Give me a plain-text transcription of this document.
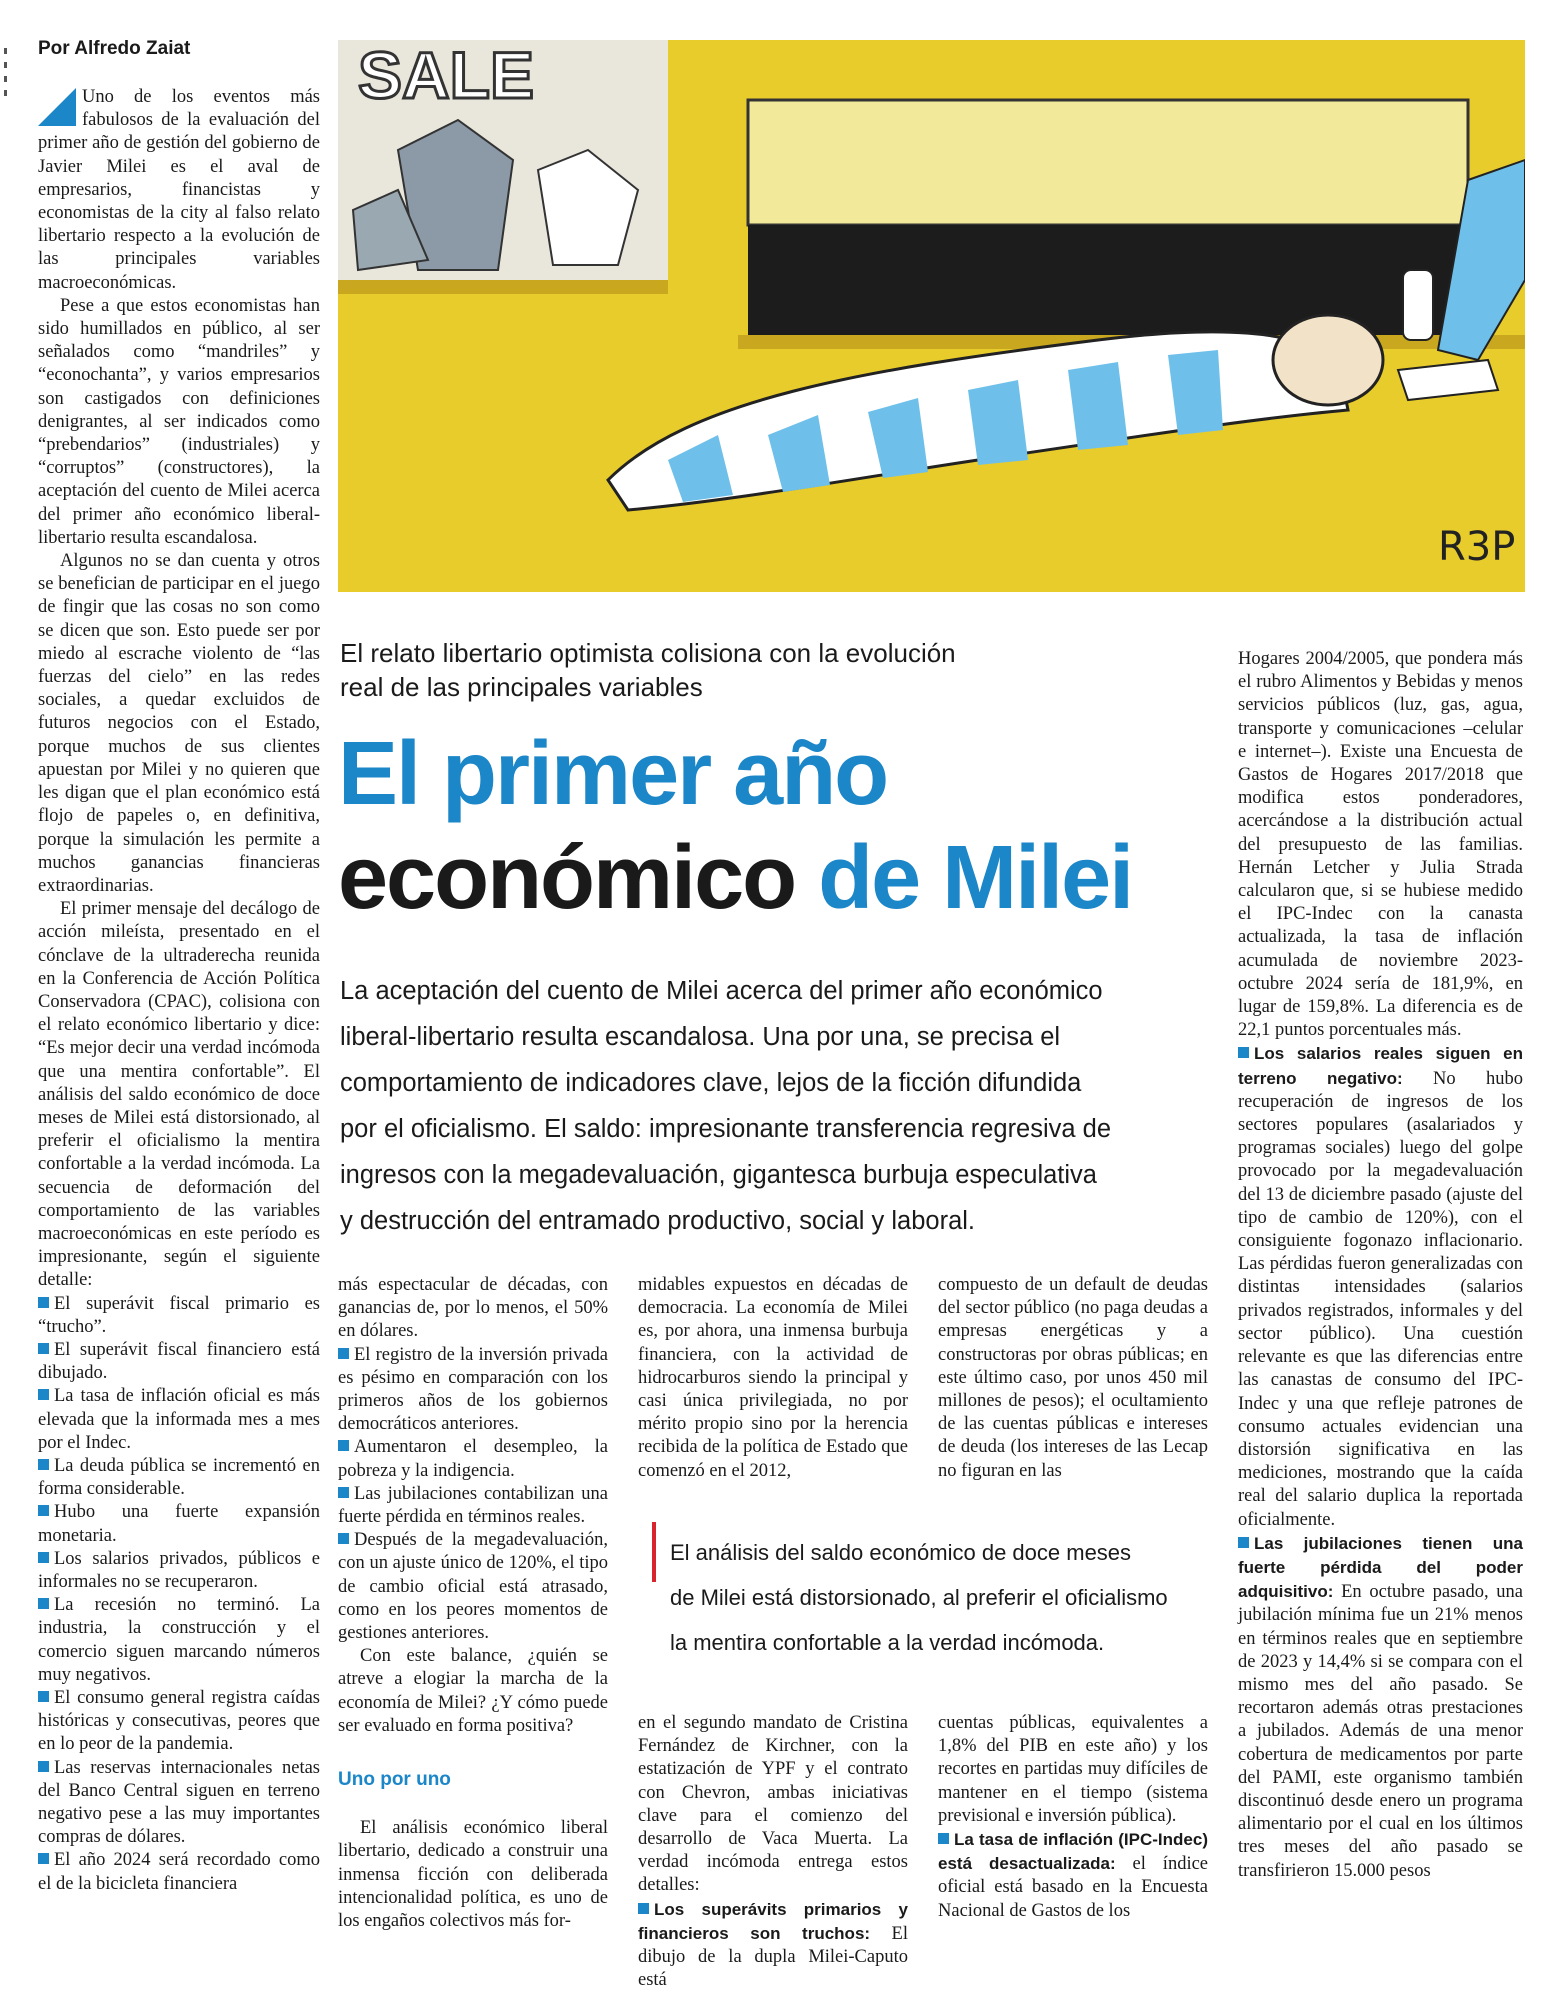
Por Alfredo Zaiat	SALE
R3P

Uno de los eventos más fabulosos de la evaluación del primer año de gestión del gobierno de Javier Milei es el aval de empresarios, financistas y economistas de la city al falso relato libertario respecto a la evolución de las principales variables macroeconómicas.

Pese a que estos economistas han sido humillados en público, al ser señalados como “mandriles” y “econochanta”, y varios empresarios son castigados con definiciones denigrantes, al ser indicados como “prebendarios” (industriales) y “corruptos” (constructores), la aceptación del cuento de Milei acerca del primer año económico liberal-libertario resulta escandalosa.

Algunos no se dan cuenta y otros se benefician de participar en el juego de fingir que las cosas no son como se dicen que son. Esto puede ser por miedo al escrache violento de “las fuerzas del cielo” en las redes sociales, a quedar excluidos de futuros negocios con el Estado, porque muchos de sus clientes apuestan por Milei y no quieren que les digan que el plan económico está flojo de papeles o, en definitiva, porque la simulación les permite a muchos ganancias financieras extraordinarias.

El primer mensaje del decálogo de acción mileísta, presentado en el cónclave de la ultraderecha reunida en la Conferencia de Acción Política Conservadora (CPAC), colisiona con el relato económico libertario y dice: “Es mejor decir una verdad incómoda que una mentira confortable”. El análisis del saldo económico de doce meses de Milei está distorsionado, al preferir el oficialismo la mentira confortable a la verdad incómoda. La secuencia de deformación del comportamiento de las variables macroeconómicas en este período es impresionante, según el siguiente detalle:

El superávit fiscal primario es “trucho”.

El superávit fiscal financiero está dibujado.

La tasa de inflación oficial es más elevada que la informada mes a mes por el Indec.

La deuda pública se incrementó en forma considerable.

Hubo una fuerte expansión monetaria.

Los salarios privados, públicos e informales no se recuperaron.

La recesión no terminó. La industria, la construcción y el comercio siguen marcando números muy negativos.

El consumo general registra caídas históricas y consecutivas, peores que en lo peor de la pandemia.

Las reservas internacionales netas del Banco Central siguen en terreno negativo pese a las muy importantes compras de dólares.

El año 2024 será recordado como el de la bicicleta financiera

El relato libertario optimista colisiona con la evolución
real de las principales variables
El primer año
económico de Milei
La aceptación del cuento de Milei acerca del primer año económico
liberal-libertario resulta escandalosa. Una por una, se precisa el
comportamiento de indicadores clave, lejos de la ficción difundida
por el oficialismo. El saldo: impresionante transferencia regresiva de
ingresos con la megadevaluación, gigantesca burbuja especulativa
y destrucción del entramado productivo, social y laboral.

más espectacular de décadas, con ganancias de, por lo menos, el 50% en dólares.

El registro de la inversión privada es pésimo en comparación con los primeros años de los gobiernos democráticos anteriores.

Aumentaron el desempleo, la pobreza y la indigencia.

Las jubilaciones contabilizan una fuerte pérdida en términos reales.

Después de la megadevaluación, con un ajuste único de 120%, el tipo de cambio oficial está atrasado, como en los peores momentos de gestiones anteriores.

Con este balance, ¿quién se atreve a elogiar la marcha de la economía de Milei? ¿Y cómo puede ser evaluado en forma positiva?

Uno por uno

El análisis económico liberal libertario, dedicado a construir una inmensa ficción con deliberada intencionalidad política, es uno de los engaños colectivos más for-

midables expuestos en décadas de democracia. La economía de Milei es, por ahora, una inmensa burbuja financiera, con la actividad de hidrocarburos siendo la principal y casi única privilegiada, no por mérito propio sino por la herencia recibida de la política de Estado que comenzó en el 2012,

en el segundo mandato de Cristina Fernández de Kirchner, con la estatización de YPF y el contrato con Chevron, ambas iniciativas clave para el comienzo del desarrollo de Vaca Muerta. La verdad incómoda entrega estos detalles:

Los superávits primarios y financieros son truchos: El dibujo de la dupla Milei-Caputo está

compuesto de un default de deudas del sector público (no paga deudas a empresas energéticas y a constructoras por obras públicas; en este último caso, por unos 450 mil millones de pesos); el ocultamiento de las cuentas públicas e intereses de deuda (los intereses de las Lecap no figuran en las

cuentas públicas, equivalentes a 1,8% del PIB en este año) y los recortes en partidas muy difíciles de mantener en el tiempo (sistema previsional e inversión pública).

La tasa de inflación (IPC-Indec) está desactualizada: el índice oficial está basado en la Encuesta Nacional de Gastos de los

El análisis del saldo económico de doce meses
de Milei está distorsionado, al preferir el oficialismo
la mentira confortable a la verdad incómoda.

Hogares 2004/2005, que pondera más el rubro Alimentos y Bebidas y menos servicios públicos (luz, gas, agua, transporte y comunicaciones –celular e internet–). Existe una Encuesta de Gastos de Hogares 2017/2018 que modifica estos ponderadores, acercándose a la distribución actual del presupuesto de las familias. Hernán Letcher y Julia Strada calcularon que, si se hubiese medido el IPC-Indec con la canasta actualizada, la tasa de inflación acumulada de noviembre 2023-octubre 2024 sería de 181,9%, en lugar de 159,8%. La diferencia es de 22,1 puntos porcentuales más.

Los salarios reales siguen en terreno negativo: No hubo recuperación de ingresos de los sectores populares (asalariados y programas sociales) luego del golpe provocado por la megadevaluación del 13 de diciembre pasado (ajuste del tipo de cambio de 120%), con el consiguiente fogonazo inflacionario. Las pérdidas fueron generalizadas con distintas intensidades (salarios privados registrados, informales y del sector público). Una cuestión relevante es que las diferencias entre las canastas de consumo del IPC-Indec y una que refleje patrones de consumo actuales evidencian una distorsión significativa en las mediciones, mostrando que la caída real del salario duplica la reportada oficialmente.

Las jubilaciones tienen una fuerte pérdida del poder adquisitivo: En octubre pasado, una jubilación mínima fue un 21% menos en términos reales que en septiembre de 2023 y 14,4% si se compara con el mismo mes del año pasado. Se recortaron además otras prestaciones a jubilados. Además de una menor cobertura de medicamentos por parte del PAMI, este organismo también discontinuó desde enero un programa alimentario por el cual en los últimos tres meses del año pasado se transfirieron 15.000 pesos
